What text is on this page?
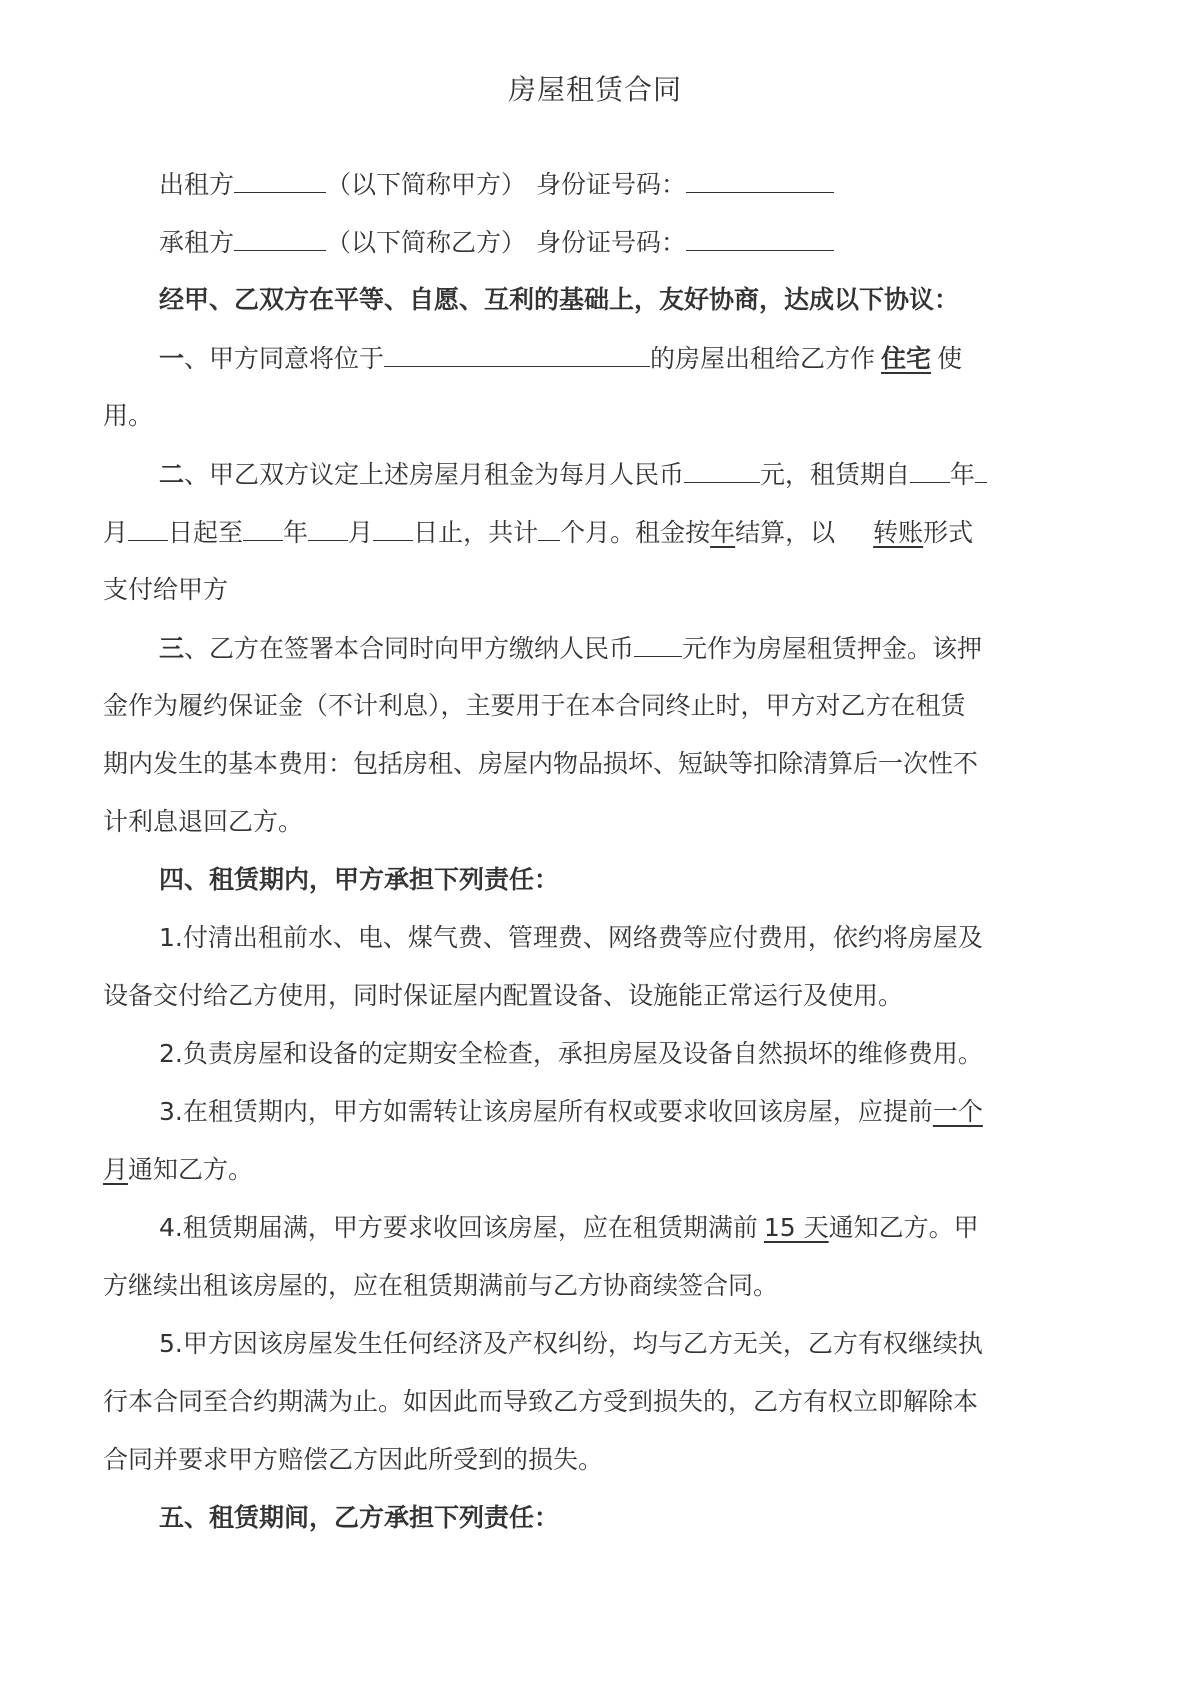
房屋租赁合同
出租方	（以下简称甲方） 身份证号码：
承租方	（以下简称乙方） 身份证号码：
经甲、乙双方在平等、自愿、互利的基础上，友好协商，达成以下协议：
一、甲方同意将位于	的房屋出租给乙方作 住宅 使
用。
二、甲乙双方议定上述房屋月租金为每月人民币	元，租赁期自 年
月 日起至 年 月 日止，共计 个月。租金按年结算，以 转账形式
支付给甲方
三、乙方在签署本合同时向甲方缴纳人民币 元作为房屋租赁押金。该押
金作为履约保证金（不计利息），主要用于在本合同终止时，甲方对乙方在租赁
期内发生的基本费用：包括房租、房屋内物品损坏、短缺等扣除清算后一次性不
计利息退回乙方。
四、租赁期内，甲方承担下列责任：
1.付清出租前水、电、煤气费、管理费、网络费等应付费用，依约将房屋及
设备交付给乙方使用，同时保证屋内配置设备、设施能正常运行及使用。
2.负责房屋和设备的定期安全检查，承担房屋及设备自然损坏的维修费用。
3.在租赁期内，甲方如需转让该房屋所有权或要求收回该房屋，应提前一个
月通知乙方。
4.租赁期届满，甲方要求收回该房屋，应在租赁期满前 15 天通知乙方。甲
方继续出租该房屋的，应在租赁期满前与乙方协商续签合同。
5.甲方因该房屋发生任何经济及产权纠纷，均与乙方无关，乙方有权继续执
行本合同至合约期满为止。如因此而导致乙方受到损失的，乙方有权立即解除本
合同并要求甲方赔偿乙方因此所受到的损失。
五、租赁期间，乙方承担下列责任：
